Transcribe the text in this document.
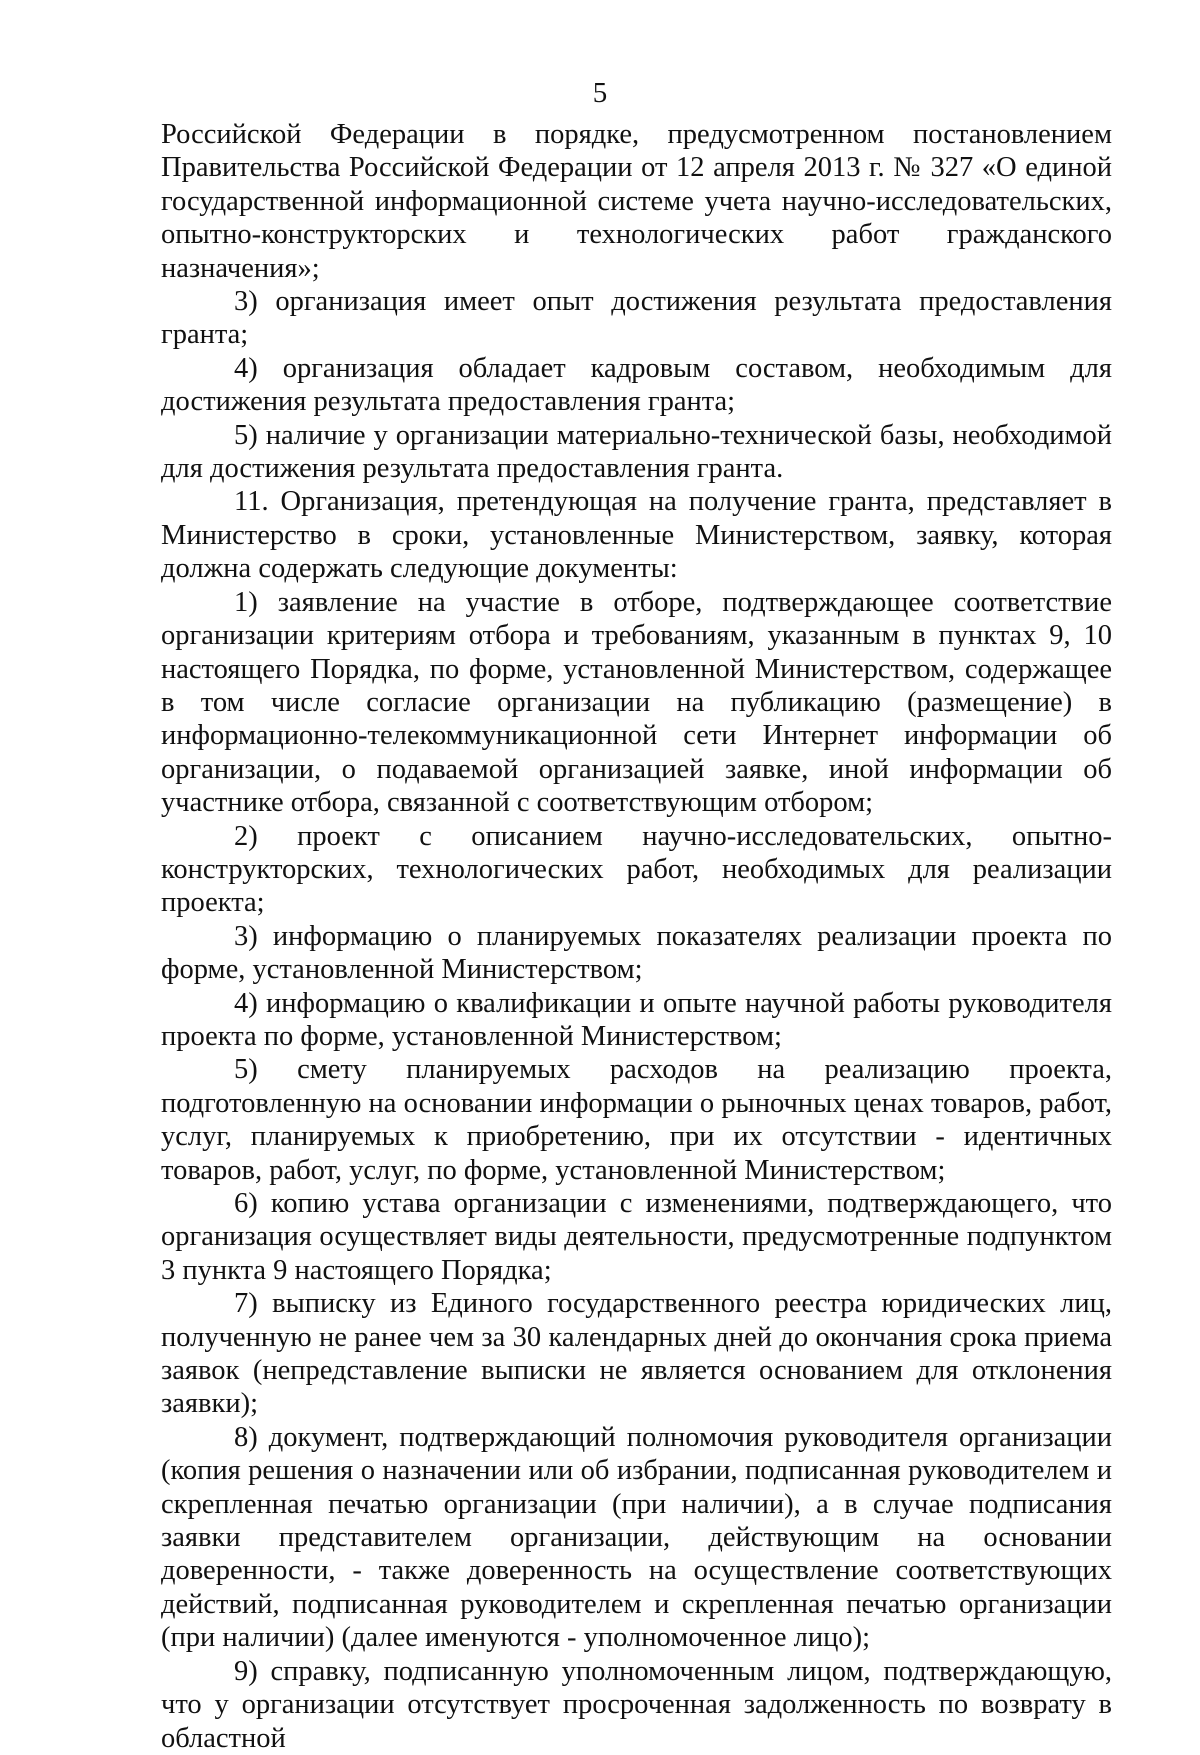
5

Российской Федерации в порядке, предусмотренном постановлением Правительства Российской Федерации от 12 апреля 2013 г. № 327 «О единой государственной информационной системе учета научно-исследовательских, опытно-конструкторских и технологических работ гражданского назначения»;

3) организация имеет опыт достижения результата предоставления гранта;

4) организация обладает кадровым составом, необходимым для достижения результата предоставления гранта;

5) наличие у организации материально-технической базы, необходимой для достижения результата предоставления гранта.

11. Организация, претендующая на получение гранта, представляет в Министерство в сроки, установленные Министерством, заявку, которая должна содержать следующие документы:

1) заявление на участие в отборе, подтверждающее соответствие организации критериям отбора и требованиям, указанным в пунктах 9, 10 настоящего Порядка, по форме, установленной Министерством, содержащее в том числе согласие организации на публикацию (размещение) в информационно-телекоммуникационной сети Интернет информации об организации, о подаваемой организацией заявке, иной информации об участнике отбора, связанной с соответствующим отбором;

2) проект с описанием научно-исследовательских, опытно-конструкторских, технологических работ, необходимых для реализации проекта;

3) информацию о планируемых показателях реализации проекта по форме, установленной Министерством;

4) информацию о квалификации и опыте научной работы руководителя проекта по форме, установленной Министерством;

5) смету планируемых расходов на реализацию проекта, подготовленную на основании информации о рыночных ценах товаров, работ, услуг, планируемых к приобретению, при их отсутствии - идентичных товаров, работ, услуг, по форме, установленной Министерством;

6) копию устава организации с изменениями, подтверждающего, что организация осуществляет виды деятельности, предусмотренные подпунктом 3 пункта 9 настоящего Порядка;

7) выписку из Единого государственного реестра юридических лиц, полученную не ранее чем за 30 календарных дней до окончания срока приема заявок (непредставление выписки не является основанием для отклонения заявки);

8) документ, подтверждающий полномочия руководителя организации (копия решения о назначении или об избрании, подписанная руководителем и скрепленная печатью организации (при наличии), а в случае подписания заявки представителем организации, действующим на основании доверенности, - также доверенность на осуществление соответствующих действий, подписанная руководителем и скрепленная печатью организации (при наличии) (далее именуются - уполномоченное лицо);

9) справку, подписанную уполномоченным лицом, подтверждающую, что у организации отсутствует просроченная задолженность по возврату в областной
